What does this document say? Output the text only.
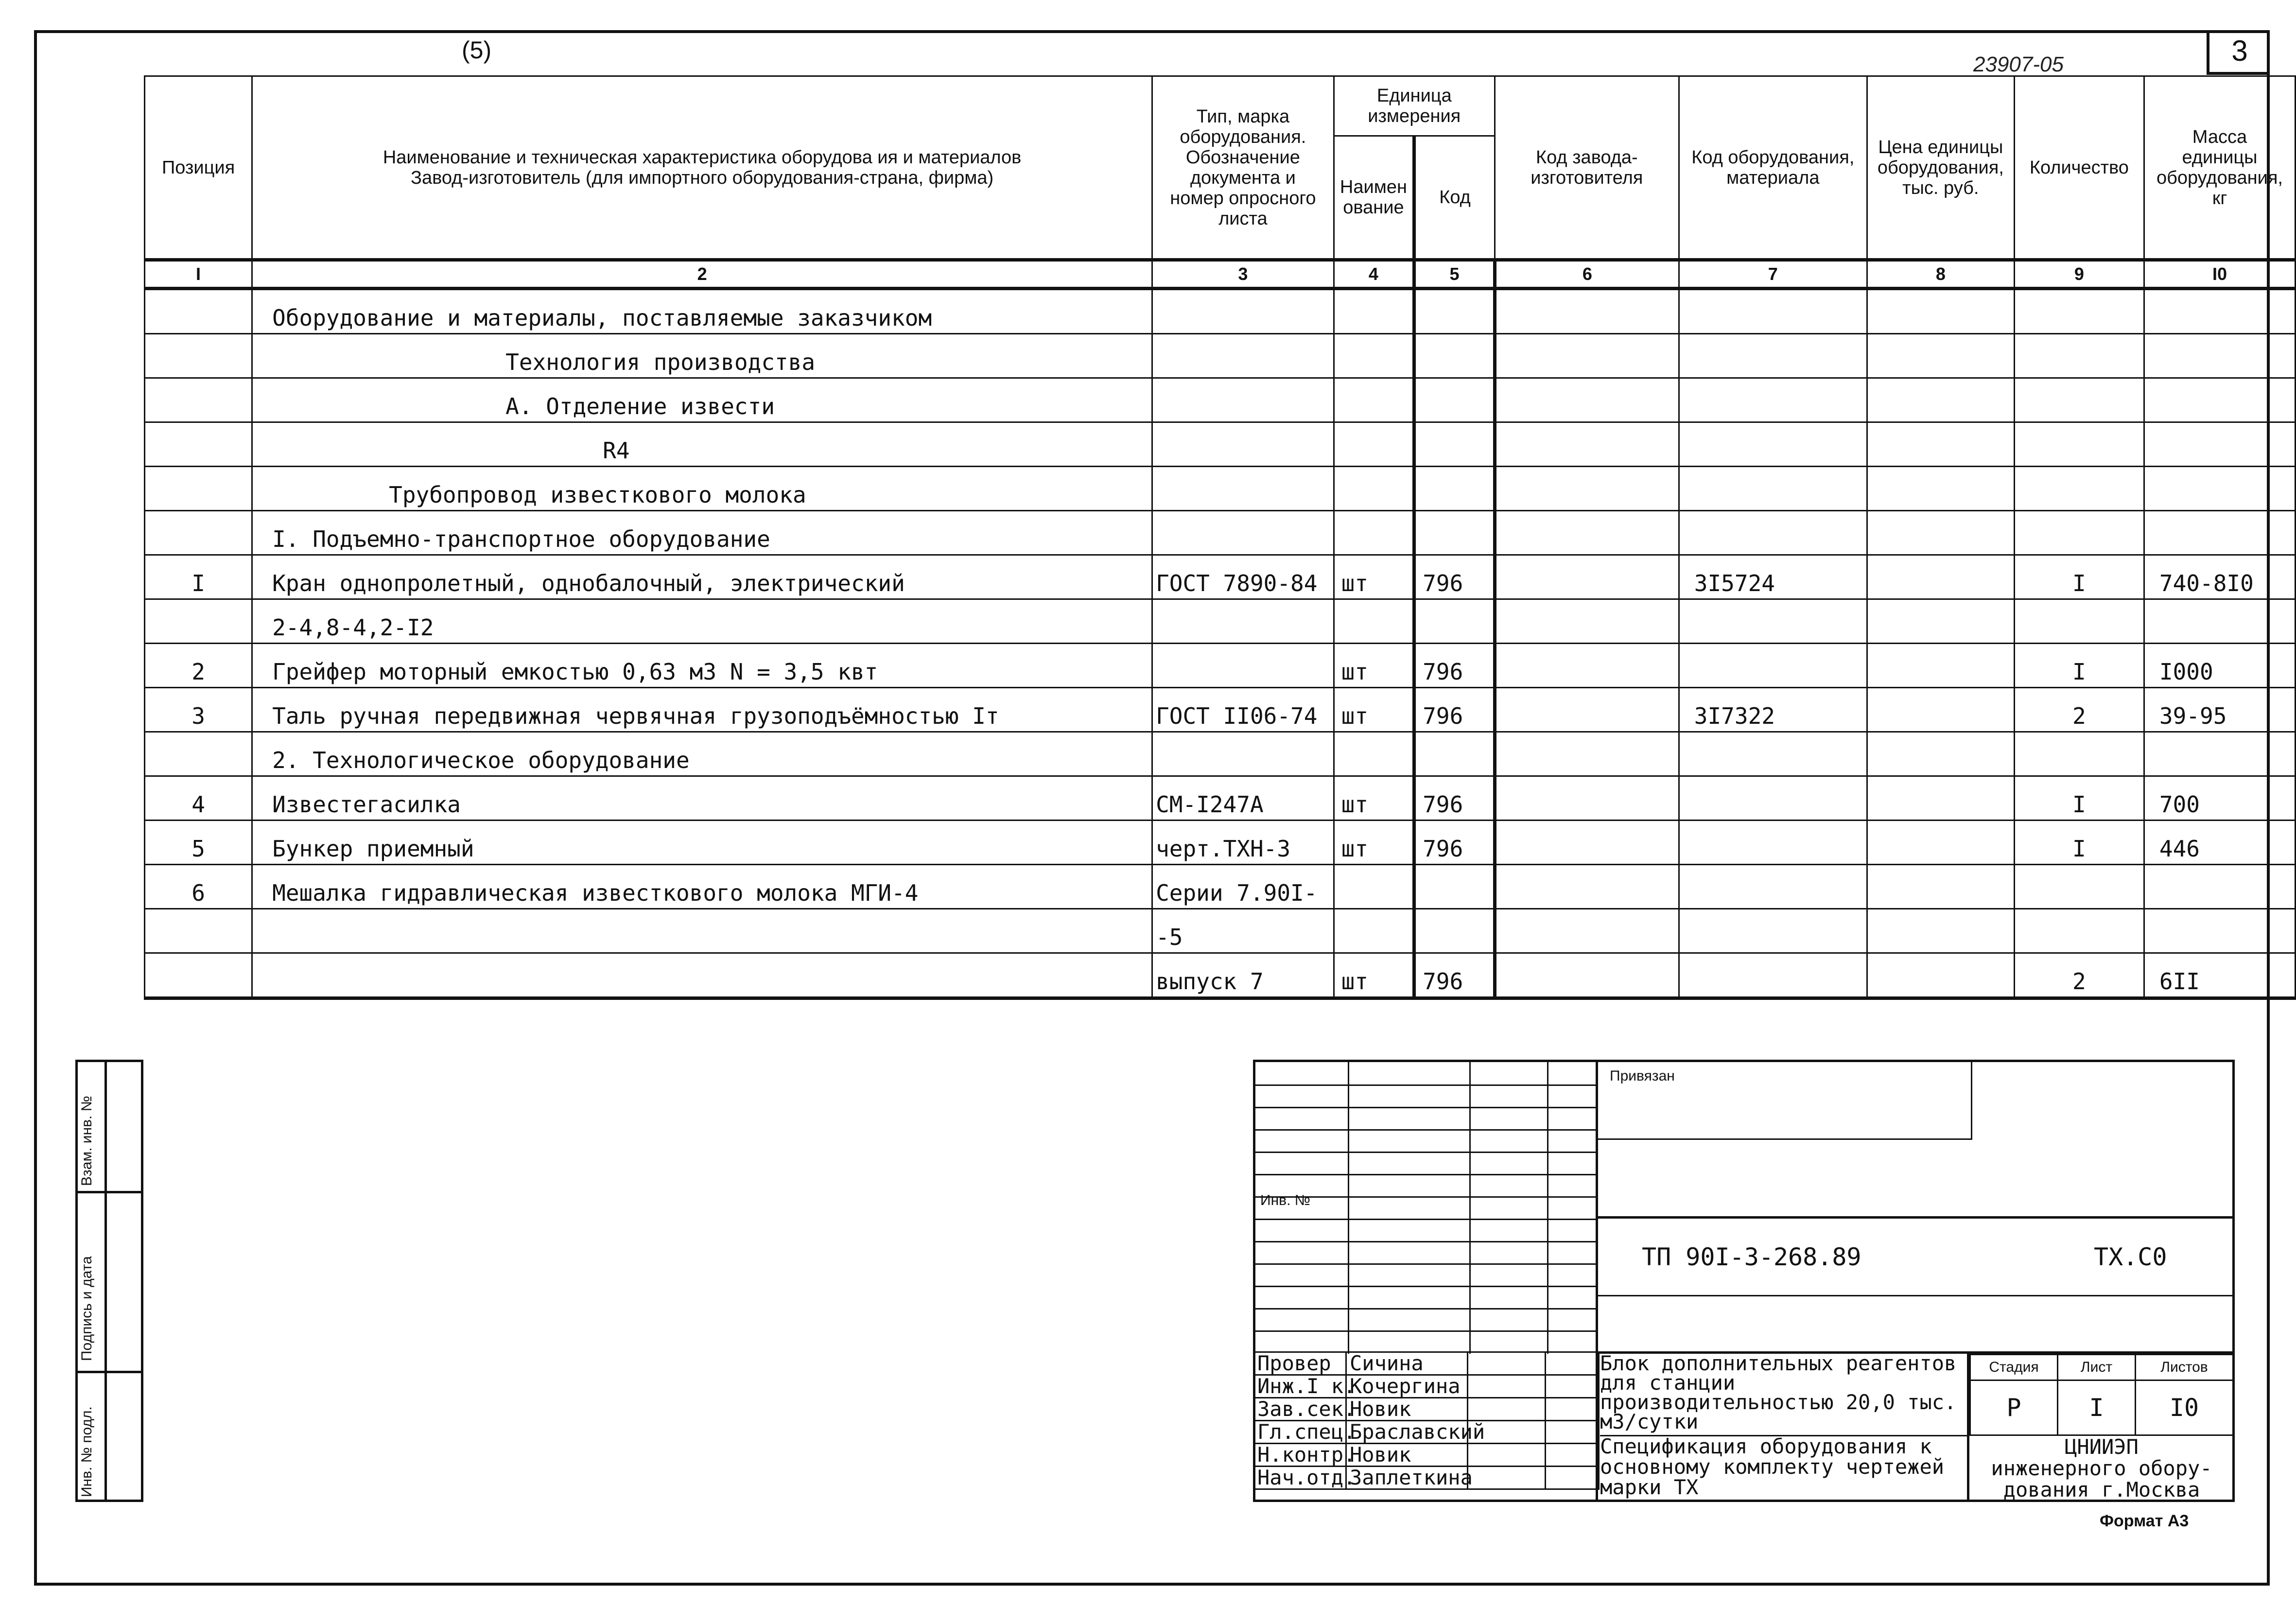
3
(5)
23907-05
Позиция	Наименование и техническая характеристика оборудова ия и материалов
Завод-изготовитель (для импортного оборудования-страна, фирма)	Тип, марка оборудования. Обозначение документа и номер опросного листа	Единица измерения		Код завода-изготовителя	Код оборудования, материала	Цена единицы оборудования, тыс. руб.	Количество	Масса единицы оборудования, кг
			Наименование	Код					
I	2	3	4	5	6	7	8	9	I0
	Оборудование и материалы, поставляемые заказчиком								
	Технология производства								
	А. Отделение извести								
	R4								
	Трубопровод известкового молока								
	I. Подъемно-транспортное оборудование								
I	Кран однопролетный, однобалочный, электрический	ГОСТ 7890-84	шт	796		3I5724		I	740-8I0
	2-4,8-4,2-I2								
2	Грейфер моторный емкостью 0,63 м3 N = 3,5 квт		шт	796				I	I000
3	Таль ручная передвижная червячная грузоподъёмностью Iт	ГОСТ II06-74	шт	796		3I7322		2	39-95
	2. Технологическое оборудование								
4	Известегасилка	СМ-I247А	шт	796				I	700
5	Бункер приемный	черт.ТХН-3	шт	796				I	446
6	Мешалка гидравлическая известкового молока МГИ-4	Серии 7.90I-							
		-5							
		выпуск 7	шт	796				2	6II
Взам. инв. №
Подпись и дата
Инв. № подл.
Инв. №
Провер	Сичина		
Инж.I к.	Кочергина		
Зав.сек.	Новик		
Гл.спец.	Браславский		
Н.контр.	Новик		
Нач.отд.	Заплеткина		
Привязан
ТП 90I-3-268.89	ТХ.С0
Блок дополнительных реагентов для станции производительностью 20,0 тыс. м3/сутки
Спецификация оборудования к основному комплекту чертежей марки ТХ
Стадия	Лист	Листов
Р	I	I0
ЦНИИЭП
инженерного обору-
дования г.Москва
Формат А3
